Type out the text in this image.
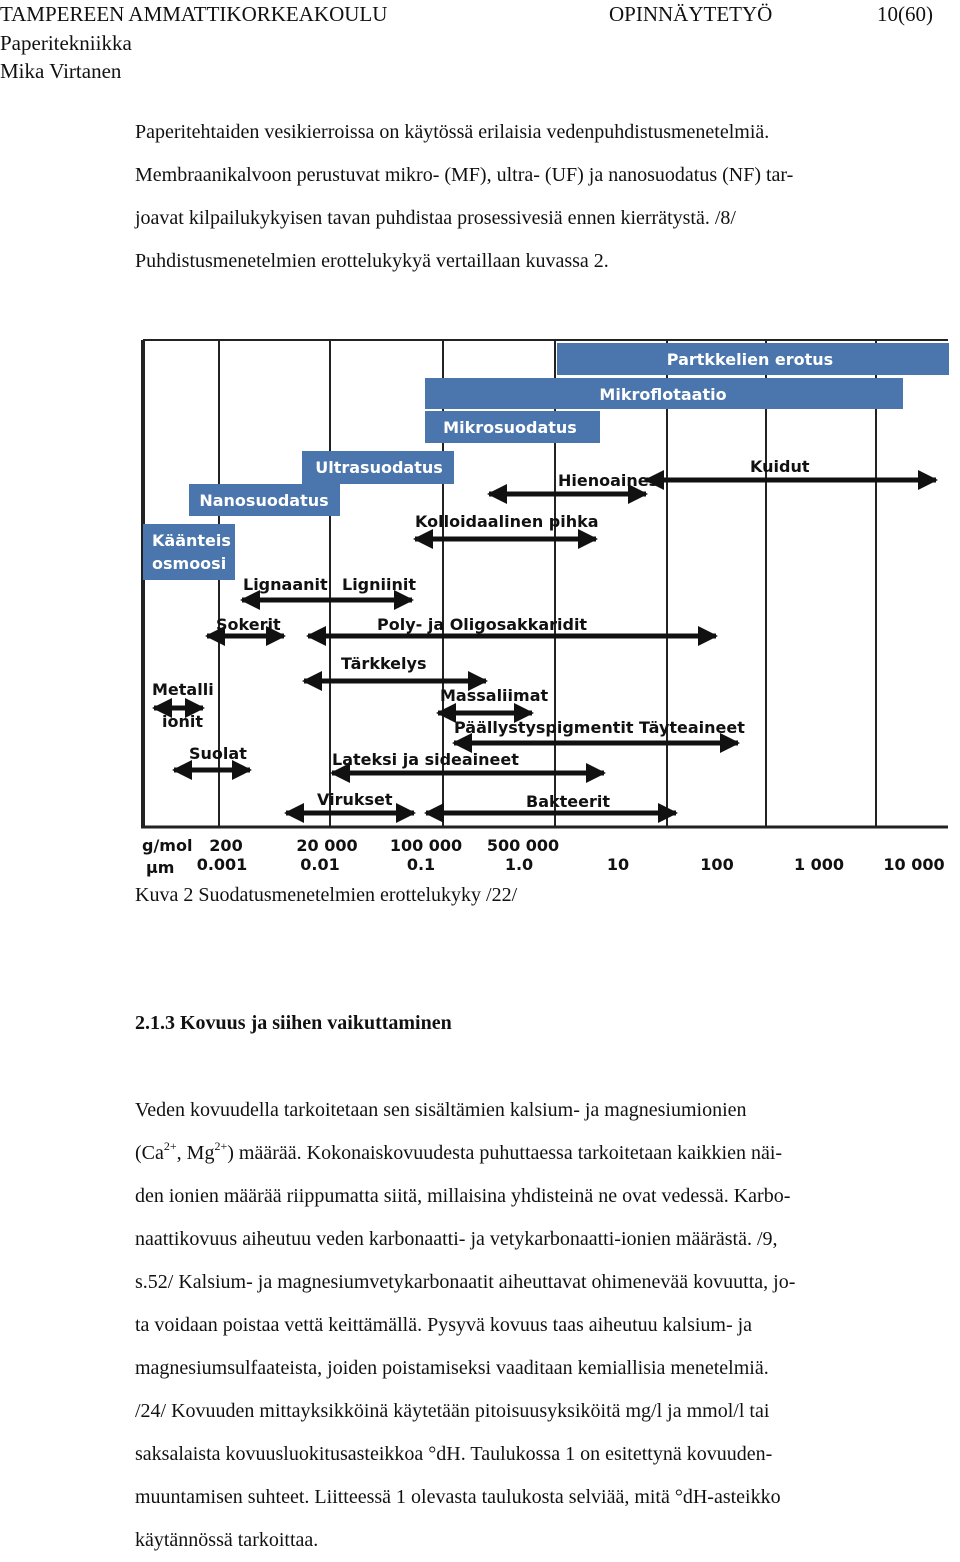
TAMPEREEN AMMATTIKORKEAKOULU	OPINNÄYTETYÖ	10(60)
Paperitekniikka
Mika Virtanen
Paperitehtaiden vesikierroissa on käytössä erilaisia vedenpuhdistusmenetelmiä.
Membraanikalvoon perustuvat mikro- (MF), ultra- (UF) ja nanosuodatus (NF) tar-
joavat kilpailukykyisen tavan puhdistaa prosessivesiä ennen kierrätystä. /8/
Puhdistusmenetelmien erottelukykyä vertaillaan kuvassa 2.
Partkkelien erotus
Mikroflotaatio
Mikrosuodatus
Ultrasuodatus
Nanosuodatus
Käänteis
osmoosi
Hienoaines
Kuidut
Kolloidaalinen pihka
Lignaanit Ligniinit
Sokerit	Poly- ja Oligosakkaridit
Tärkkelys
Metalli
ionit
Massaliimat
Päällystyspigmentit Täyteaineet
Suolat	Lateksi ja sideaineet
Virukset	Bakteerit
g/mol
µm
200	20 000 100 000 500 000
0.001	0.01	0.1	1.0	10	100	1 000 10 000
Kuva 2 Suodatusmenetelmien erottelukyky /22/
2.1.3 Kovuus ja siihen vaikuttaminen
Veden kovuudella tarkoitetaan sen sisältämien kalsium- ja magnesiumionien
($Ca^{2+}$, $Mg^{2+}$) määrää. Kokonaiskovuudesta puhuttaessa tarkoitetaan kaikkien näi-
den ionien määrää riippumatta siitä, millaisina yhdisteinä ne ovat vedessä. Karbo-
naattikovuus aiheutuu veden karbonaatti- ja vetykarbonaatti-ionien määrästä. /9,
s.52/ Kalsium- ja magnesiumvetykarbonaatit aiheuttavat ohimenevää kovuutta, jo-
ta voidaan poistaa vettä keittämällä. Pysyvä kovuus taas aiheutuu kalsium- ja
magnesiumsulfaateista, joiden poistamiseksi vaaditaan kemiallisia menetelmiä.
/24/ Kovuuden mittayksikköinä käytetään pitoisuusyksiköitä mg/l ja mmol/l tai
saksalaista kovuusluokitusasteikkoa °dH. Taulukossa 1 on esitettynä kovuuden-
muuntamisen suhteet. Liitteessä 1 olevasta taulukosta selviää, mitä °dH-asteikko
käytännössä tarkoittaa.
